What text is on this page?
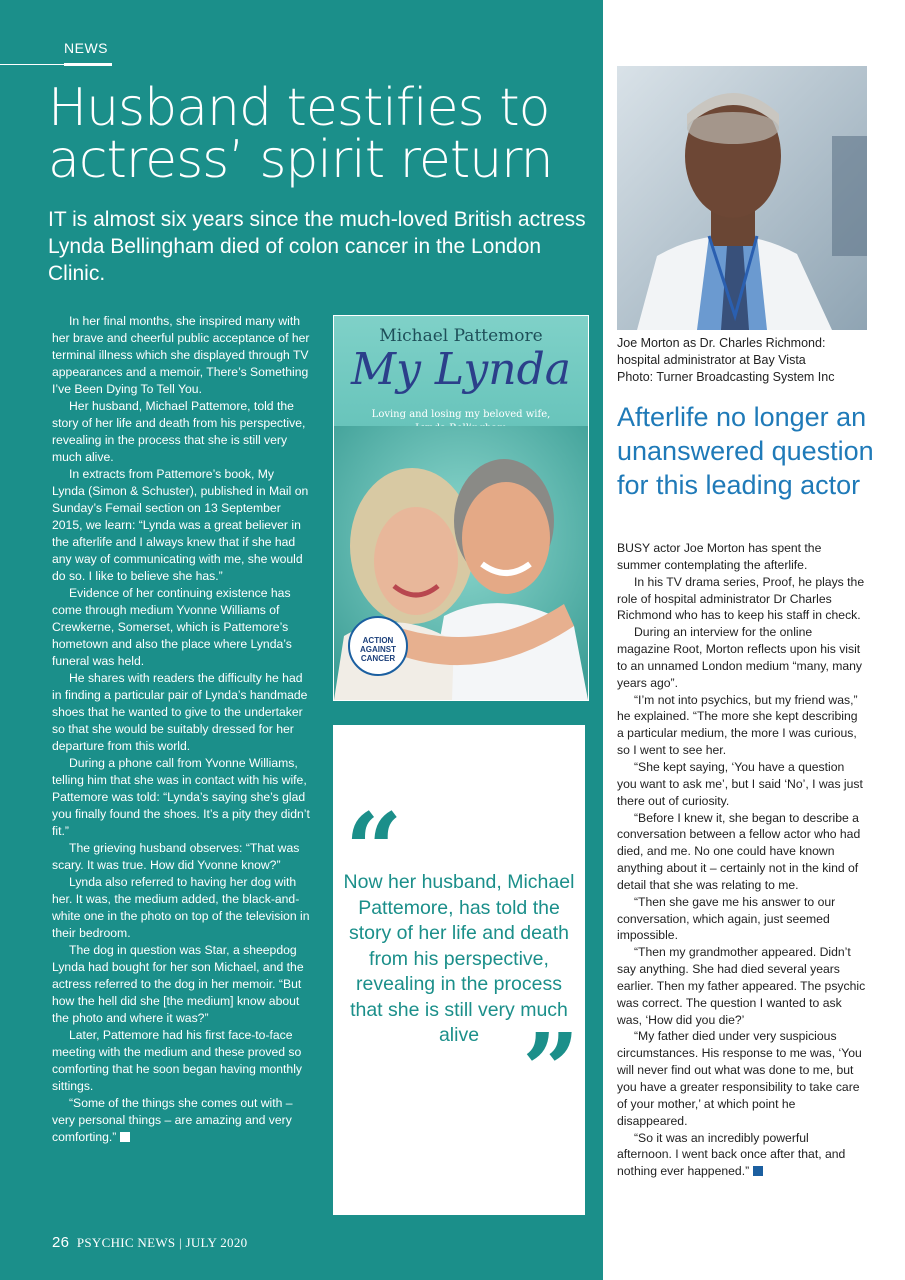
NEWS
Husband testifies to actress’ spirit return

IT is almost six years since the much-loved British actress Lynda Bellingham died of colon cancer in the London Clinic.

In her final months, she inspired many with her brave and cheerful public acceptance of her terminal illness which she displayed through TV appearances and a memoir, There’s Something I’ve Been Dying To Tell You.

Her husband, Michael Pattemore, told the story of her life and death from his perspective, revealing in the process that she is still very much alive.

In extracts from Pattemore’s book, My Lynda (Simon & Schuster), published in Mail on Sunday’s Femail section on 13 September 2015, we learn: “Lynda was a great believer in the afterlife and I always knew that if she had any way of communicating with me, she would do so. I like to believe she has.”

Evidence of her continuing existence has come through medium Yvonne Williams of Crewkerne, Somerset, which is Pattemore’s hometown and also the place where Lynda’s funeral was held.

He shares with readers the difficulty he had in finding a particular pair of Lynda’s handmade shoes that he wanted to give to the undertaker so that she would be suitably dressed for her departure from this world.

During a phone call from Yvonne Williams, telling him that she was in contact with his wife, Pattemore was told: “Lynda’s saying she’s glad you finally found the shoes. It’s a pity they didn’t fit.”

The grieving husband observes: “That was scary. It was true. How did Yvonne know?”

Lynda also referred to having her dog with her. It was, the medium added, the black-and-white one in the photo on top of the television in their bedroom.

The dog in question was Star, a sheepdog Lynda had bought for her son Michael, and the actress referred to the dog in her memoir. “But how the hell did she [the medium] know about the photo and where it was?”

Later, Pattemore had his first face-to-face meeting with the medium and these proved so comforting that he soon began having monthly sittings.

“Some of the things she comes out with – very personal things – are amazing and very comforting.”

Michael Pattemore
My Lynda
Loving and losing my beloved wife,
ACTION AGAINST CANCER
“
Now her husband, Michael Pattemore, has told the story of her life and death from his perspective, revealing in the process that she is still very much alive ”
26 PSYCHIC NEWS | JULY 2020
Joe Morton as Dr. Charles Richmond:
hospital administrator at Bay Vista
Photo: Turner Broadcasting System Inc
Afterlife no longer an unanswered question for this leading actor

BUSY actor Joe Morton has spent the summer contemplating the afterlife.

In his TV drama series, Proof, he plays the role of hospital administrator Dr Charles Richmond who has to keep his staff in check.

During an interview for the online magazine Root, Morton reflects upon his visit to an unnamed London medium “many, many years ago”.

“I’m not into psychics, but my friend was,” he explained. “The more she kept describing a particular medium, the more I was curious, so I went to see her.

“She kept saying, ‘You have a question you want to ask me’, but I said ‘No’, I was just there out of curiosity.

“Before I knew it, she began to describe a conversation between a fellow actor who had died, and me. No one could have known anything about it – certainly not in the kind of detail that she was relating to me.

“Then she gave me his answer to our conversation, which again, just seemed impossible.

“Then my grandmother appeared. Didn’t say anything. She had died several years earlier. Then my father appeared. The psychic was correct. The question I wanted to ask was, ‘How did you die?’

“My father died under very suspicious circumstances. His response to me was, ‘You will never find out what was done to me, but you have a greater responsibility to take care of your mother,’ at which point he disappeared.

“So it was an incredibly powerful afternoon. I went back once after that, and nothing ever happened.”
